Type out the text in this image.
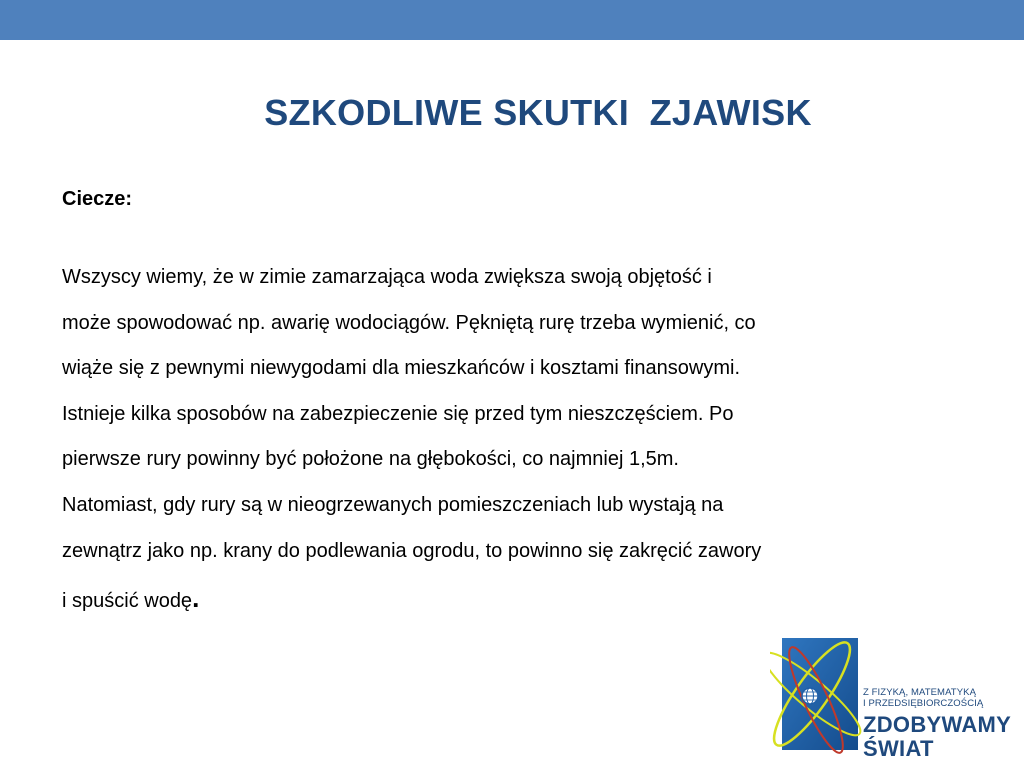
SZKODLIWE SKUTKI  ZJAWISK
Ciecze:
Wszyscy wiemy, że w zimie zamarzająca woda zwiększa swoją objętość i
może spowodować np. awarię wodociągów. Pękniętą rurę trzeba wymienić, co
wiąże się z pewnymi niewygodami dla mieszkańców i kosztami finansowymi.
Istnieje kilka sposobów na zabezpieczenie się przed tym nieszczęściem. Po
pierwsze rury powinny być położone na głębokości, co najmniej 1,5m.
Natomiast, gdy rury są w nieogrzewanych pomieszczeniach lub wystają na
zewnątrz jako np. krany do podlewania ogrodu, to powinno się zakręcić zawory
i spuścić wodę.
Z FIZYKĄ, MATEMATYKĄ
I PRZEDSIĘBIORCZOŚCIĄ
ZDOBYWAMY
ŚWIAT
